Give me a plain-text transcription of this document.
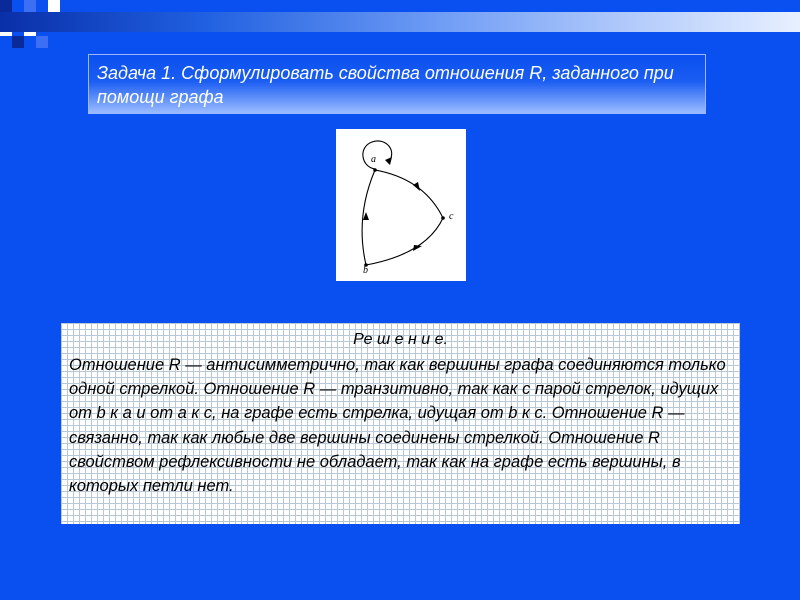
Задача 1. Сформулировать свойства отношения R, заданного при помощи графа
a
b
c
Ре ш е н и е.
Отношение R — антисимметрично, так как вершины графа соединяются только одной стрелкой. Отношение R — транзитивно, так как с парой стрелок, идущих от b к a и от a к c, на графе есть стрелка, идущая от b к c. Отношение R — связанно, так как любые две вершины соединены стрелкой. Отношение R свойством рефлексивности не обладает, так как на графе есть вершины, в которых петли нет.
